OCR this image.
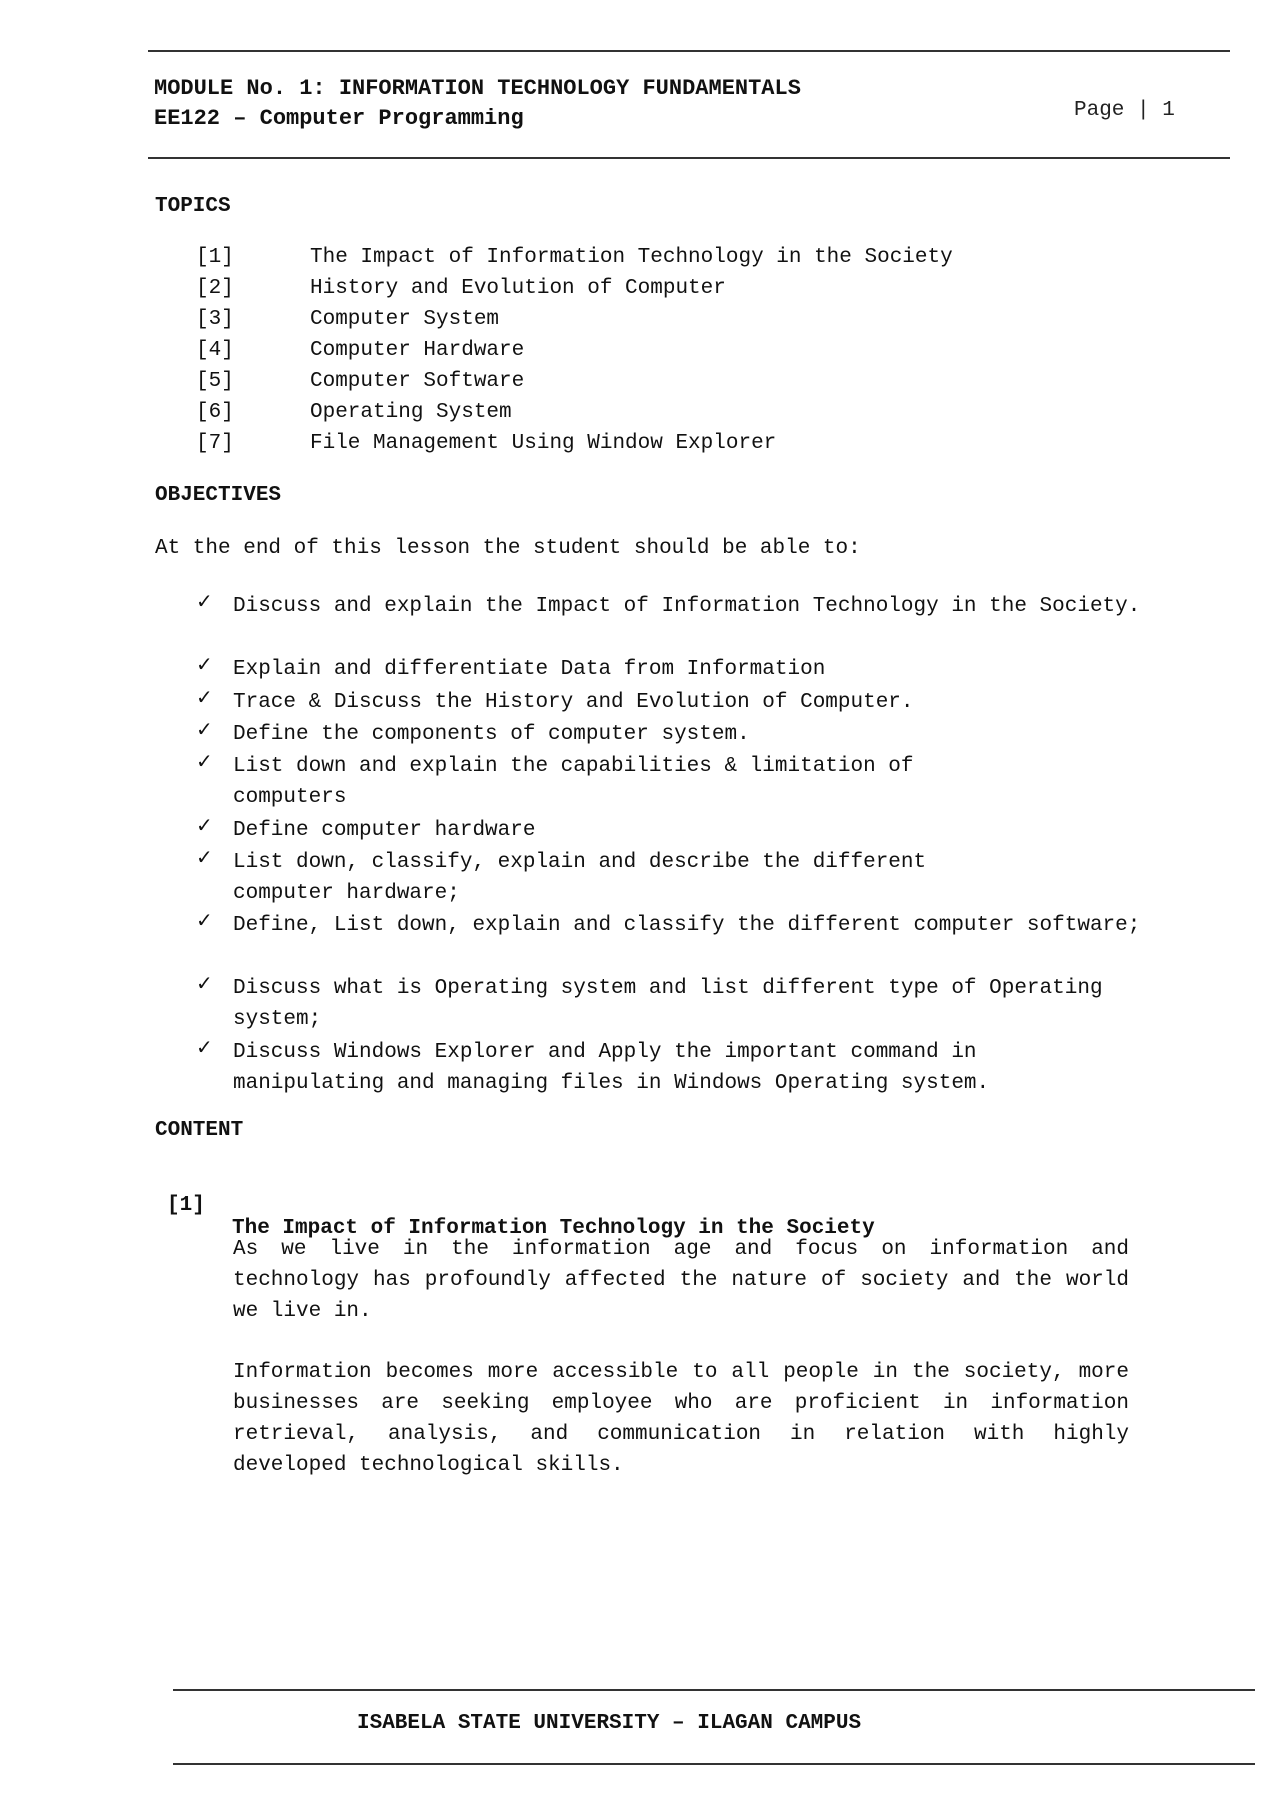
MODULE No. 1: INFORMATION TECHNOLOGY FUNDAMENTALS
EE122 – Computer Programming	Page | 1
TOPICS
[1]	The Impact of Information Technology in the Society
[2]	History and Evolution of Computer
[3]	Computer System
[4]	Computer Hardware
[5]	Computer Software
[6]	Operating System
[7]	File Management Using Window Explorer
OBJECTIVES
At the end of this lesson the student should be able to:
✓ Discuss and explain the Impact of Information Technology in the Society.
✓ Explain and differentiate Data from Information
✓ Trace & Discuss the History and Evolution of Computer.
✓ Define the components of computer system.
✓ List down and explain the capabilities & limitation of computers
✓ Define computer hardware
✓ List down, classify, explain and describe the different computer hardware;
✓ Define, List down, explain and classify the different computer software;
✓ Discuss what is Operating system and list different type of Operating system;
✓ Discuss Windows Explorer and Apply the important command in manipulating and managing files in Windows Operating system.
CONTENT

[1]

The Impact of Information Technology in the Society

As we live in the information age and focus on information and technology has profoundly affected the nature of society and the world we live in.
Information becomes more accessible to all people in the society, more businesses are seeking employee who are proficient in information retrieval, analysis, and communication in relation with highly developed technological skills.
ISABELA STATE UNIVERSITY – ILAGAN CAMPUS
